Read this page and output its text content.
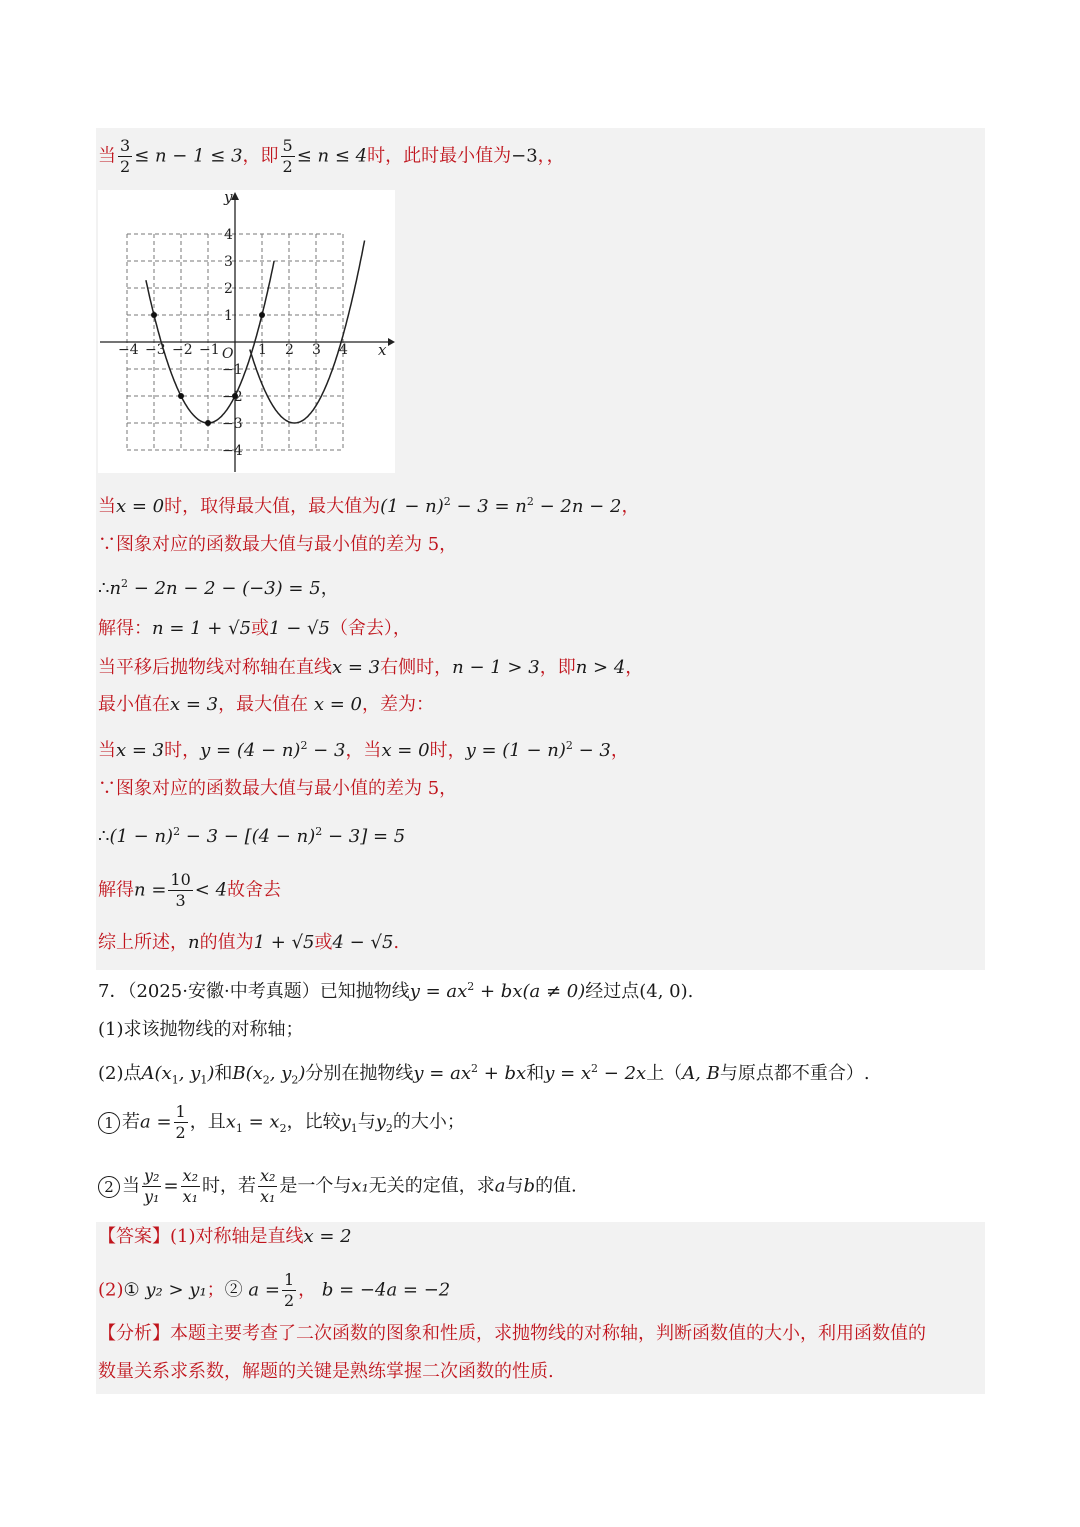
当 $\frac{3}{2} \le n - 1 \le 3$，即 $\frac{5}{2} \le n \le 4$时，此时最小值为−3，，
−4 −3 −2 −1	1 2 3 4
4
3
2
1
−1
−2
−3
−4
x
y
O
当x = 0时，取得最大值，最大值为$(1 - n)^2 - 3 = n^2 - 2n - 2$，
∵图象对应的函数最大值与最小值的差为 5，
$\therefore n^2 - 2n - 2 - (-3) = 5$，
解得：n = 1 + √5或1 − √5（舍去），
当平移后抛物线对称轴在直线x = 3右侧时，n − 1 > 3，即n > 4，
最小值在x = 3，最大值在 x = 0，差为：
当x = 3时，$y = (4 - n)^2 - 3$，当x = 0时，$y = (1 - n)^2 - 3$，
∵图象对应的函数最大值与最小值的差为 5，
∴(1 − $n)^2 - 3 - [(4 - n)^2 - 3] = 5$
解得$n = \frac{10}{3} < 4$故舍去
综上所述，n的值为1 + √5或4 − √5.
7．（2025·安徽·中考真题）已知抛物线$y = ax^2 + bx(a \ne 0)$经过点(4, 0).
(1)求该抛物线的对称轴；
(2)点$A(x_1$, $y_1$)和$B(x_2$, $y_2$)分别在抛物线$y = ax^2$ + bx和$y = x^2 - 2x$上（A, B与原点都不重合）.
1 若$a = \frac{1}{2}$ ，且$x_1 = x_2$，比较$y_1$与$y_2$的大小；
2 当 $\frac{\text{y₂}}{\text{y₁}} = \frac{\text{x₂}}{\text{x₁}}$ 时，若 $\frac{\text{x₂}}{\text{x₁}}$ 是一个与x₁无关的定值，求a与b的值.
【答案】(1)对称轴是直线x = 2
(2)① y₂ > y₁；② $a = \frac{1}{2}$ ， b = −4a = −2
【分析】本题主要考查了二次函数的图象和性质，求抛物线的对称轴，判断函数值的大小，利用函数值的
数量关系求系数，解题的关键是熟练掌握二次函数的性质.
